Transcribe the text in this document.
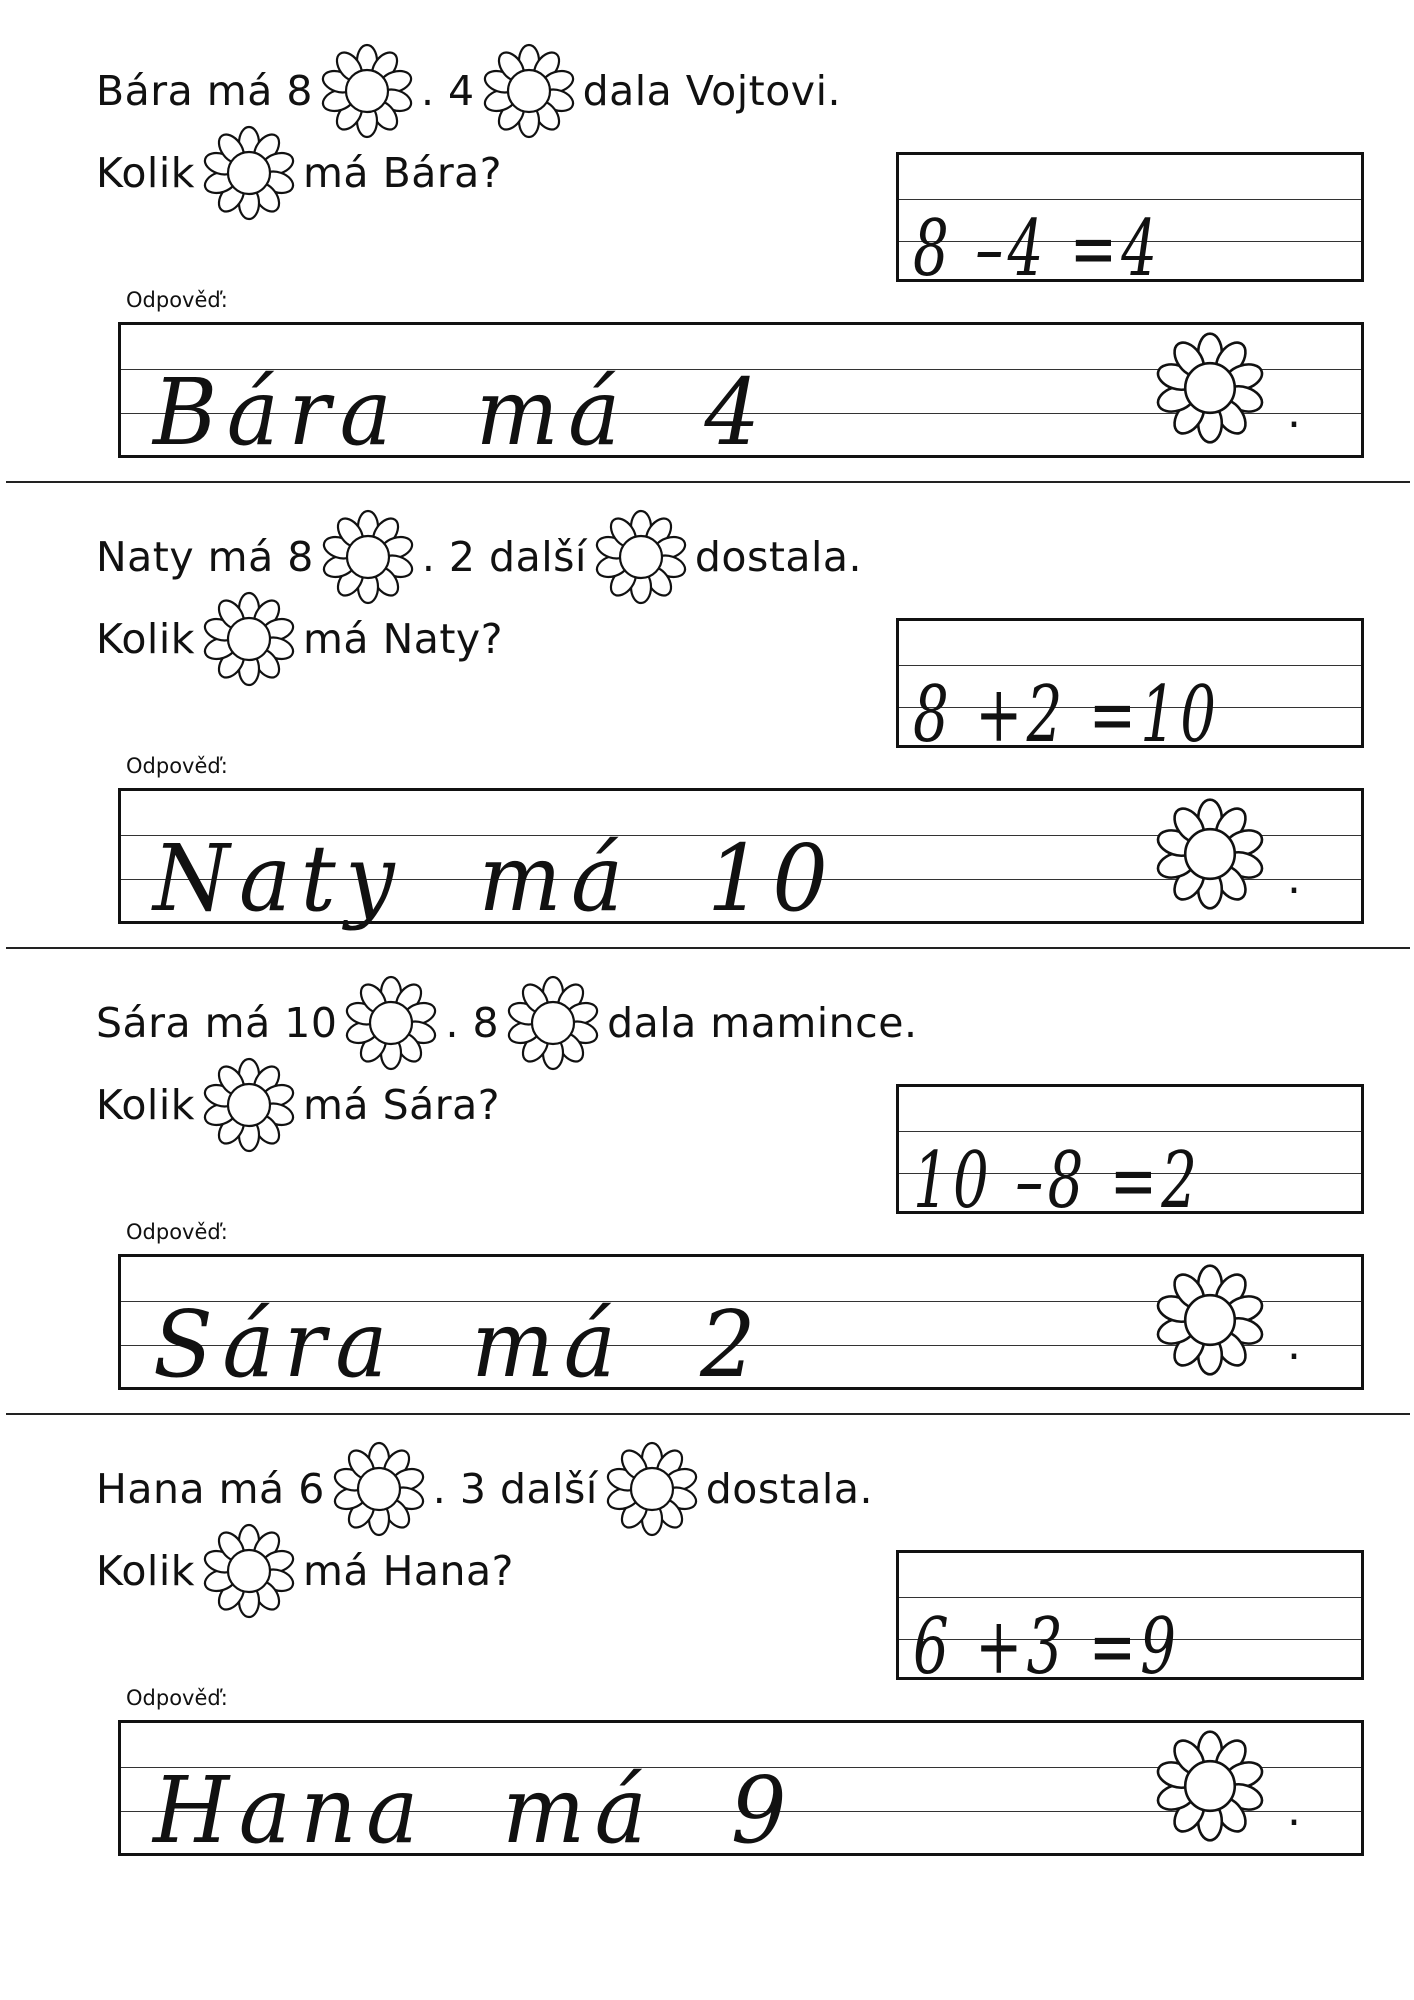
Bára má 8	. 4	dala Vojtovi.
Kolik	má Bára?
8 –4 =4
Odpověď:
Bára  má  4	.
Naty má 8	. 2 další	dostala.
Kolik	má Naty?
8 +2 =10
Odpověď:
Naty  má  10	.
Sára má 10	. 8	dala mamince.
Kolik	má Sára?
10 –8 =2
Odpověď:
Sára  má  2	.
Hana má 6	. 3 další	dostala.
Kolik	má Hana?
6 +3 =9
Odpověď:
Hana  má  9	.
